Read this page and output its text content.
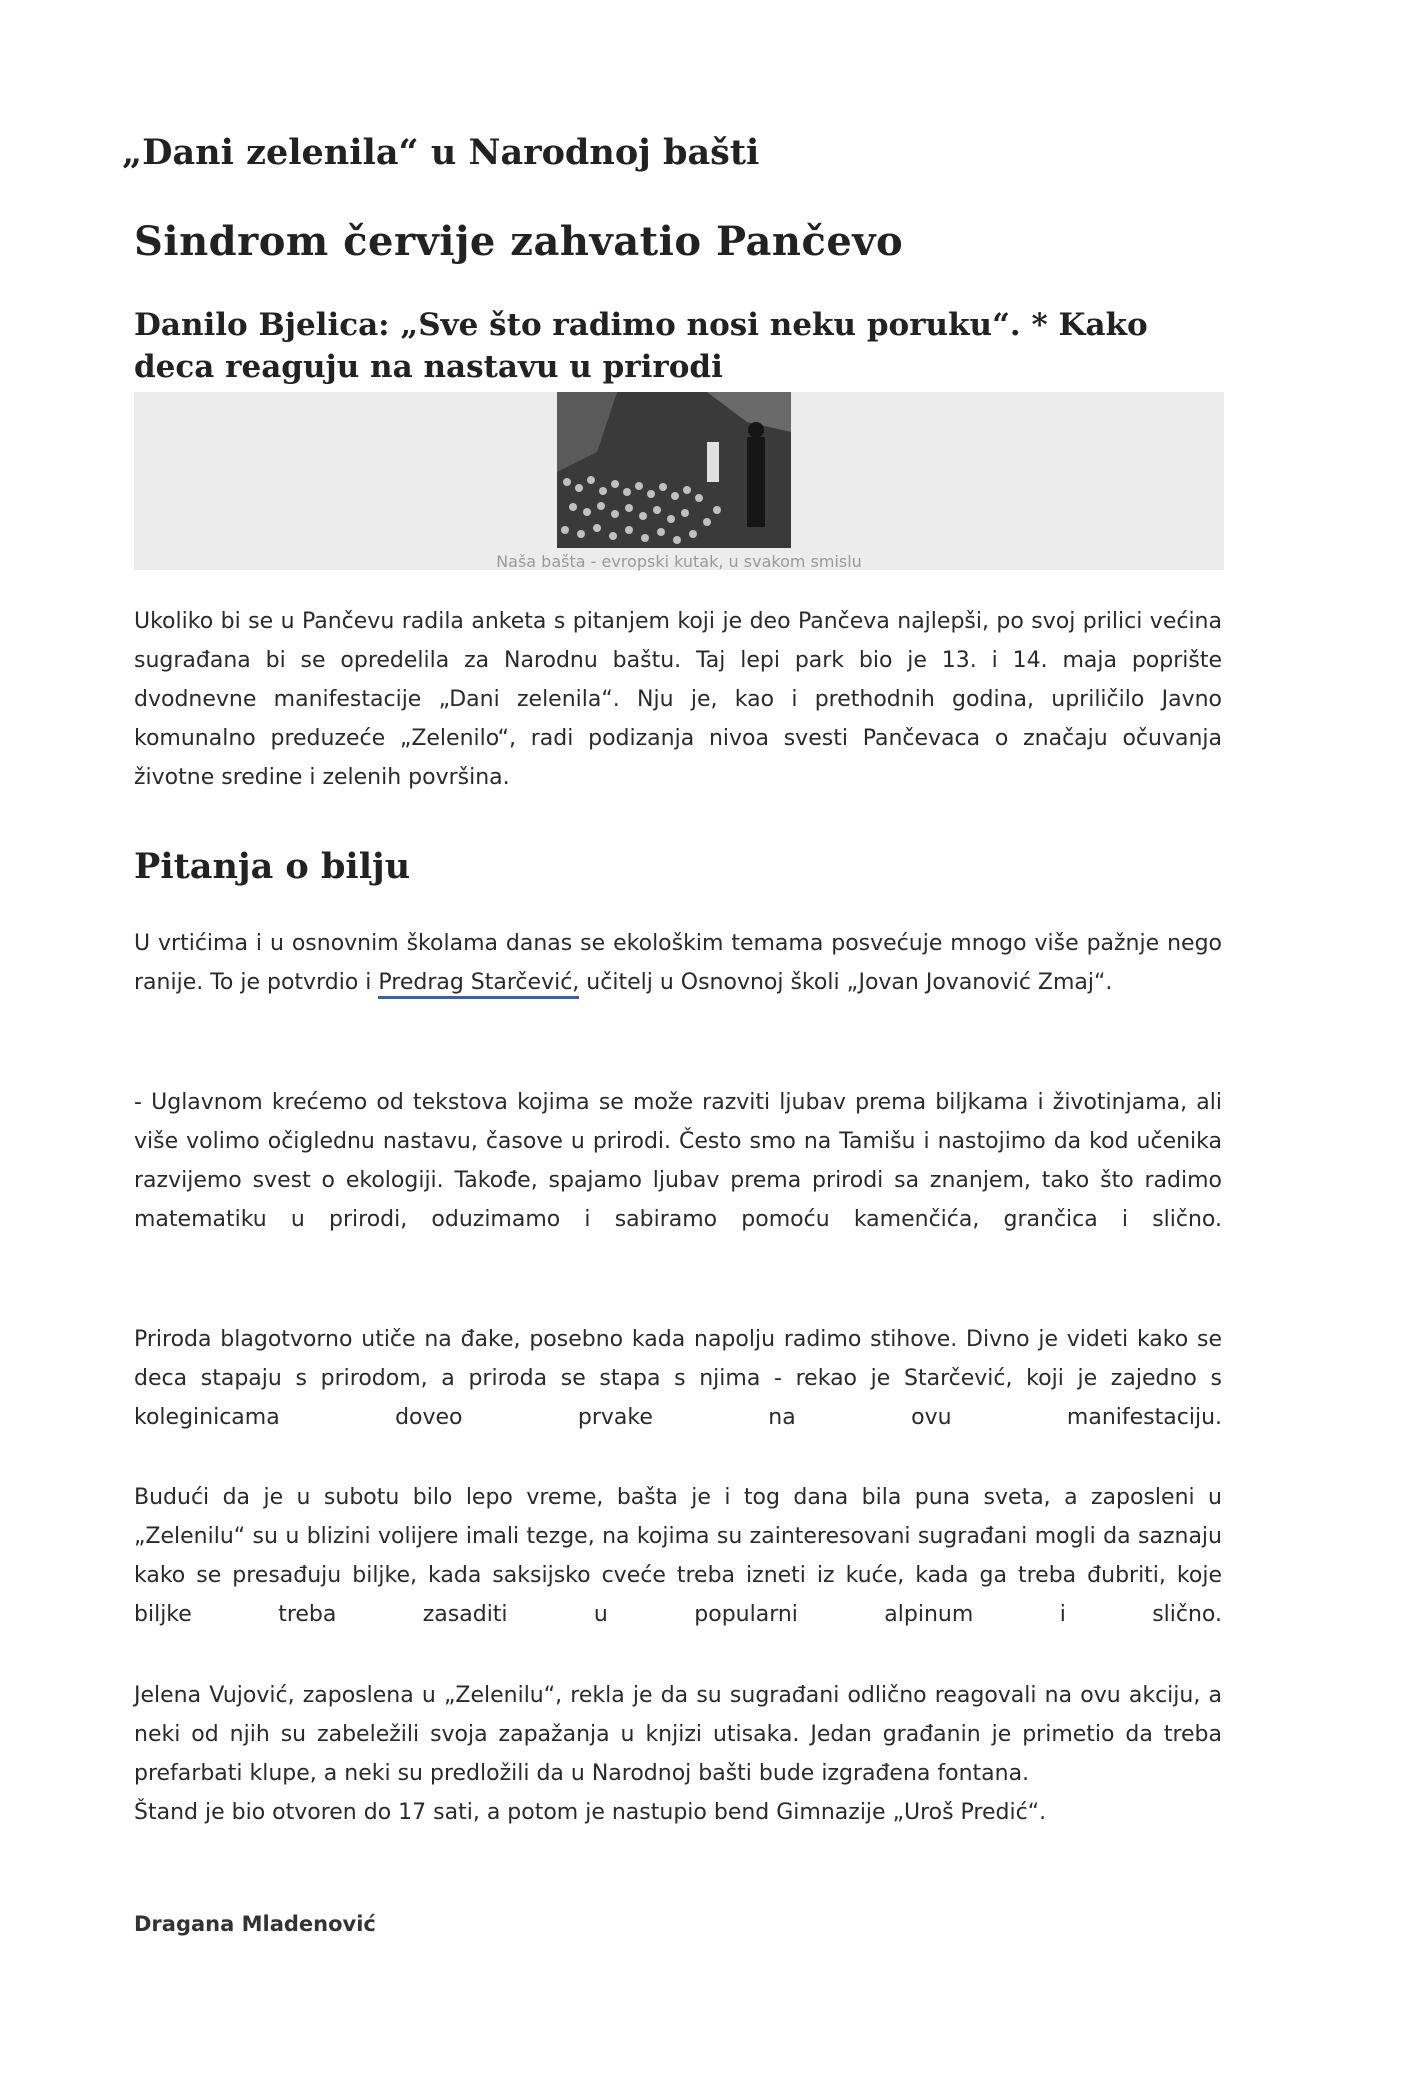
„Dani zelenila“ u Narodnoj bašti
Sindrom červije zahvatio Pančevo
Danilo Bjelica: „Sve što radimo nosi neku poruku“. * Kako deca reaguju na nastavu u prirodi
Naša bašta - evropski kutak, u svakom smislu

Ukoliko bi se u Pančevu radila anketa s pitanjem koji je deo Pančeva najlepši, po svoj prilici većina sugrađana bi se opredelila za Narodnu baštu. Taj lepi park bio je 13. i 14. maja poprište dvodnevne manifestacije „Dani zelenila“. Nju je, kao i prethodnih godina, upriličilo Javno komunalno preduzeće „Zelenilo“, radi podizanja nivoa svesti Pančevaca o značaju očuvanja životne sredine i zelenih površina.

Pitanja o bilju

U vrtićima i u osnovnim školama danas se ekološkim temama posvećuje mnogo više pažnje nego ranije. To je potvrdio i Predrag Starčević, učitelj u Osnovnoj školi „Jovan Jovanović Zmaj“.

- Uglavnom krećemo od tekstova kojima se može razviti ljubav prema biljkama i životinjama, ali više volimo očiglednu nastavu, časove u prirodi. Često smo na Tamišu i nastojimo da kod učenika razvijemo svest o ekologiji. Takođe, spajamo ljubav prema prirodi sa znanjem, tako što radimo matematiku u prirodi, oduzimamo i sabiramo pomoću kamenčića, grančica i slično.

Priroda blagotvorno utiče na đake, posebno kada napolju radimo stihove. Divno je videti kako se deca stapaju s prirodom, a priroda se stapa s njima - rekao je Starčević, koji je zajedno s koleginicama doveo prvake na ovu manifestaciju.

Budući da je u subotu bilo lepo vreme, bašta je i tog dana bila puna sveta, a zaposleni u „Zelenilu“ su u blizini volijere imali tezge, na kojima su zainteresovani sugrađani mogli da saznaju kako se presađuju biljke, kada saksijsko cveće treba izneti iz kuće, kada ga treba đubriti, koje biljke treba zasaditi u popularni alpinum i slično.

Jelena Vujović, zaposlena u „Zelenilu“, rekla je da su sugrađani odlično reagovali na ovu akciju, a neki od njih su zabeležili svoja zapažanja u knjizi utisaka. Jedan građanin je primetio da treba prefarbati klupe, a neki su predložili da u Narodnoj bašti bude izgrađena fontana.
Štand je bio otvoren do 17 sati, a potom je nastupio bend Gimnazije „Uroš Predić“.

Dragana Mladenović
